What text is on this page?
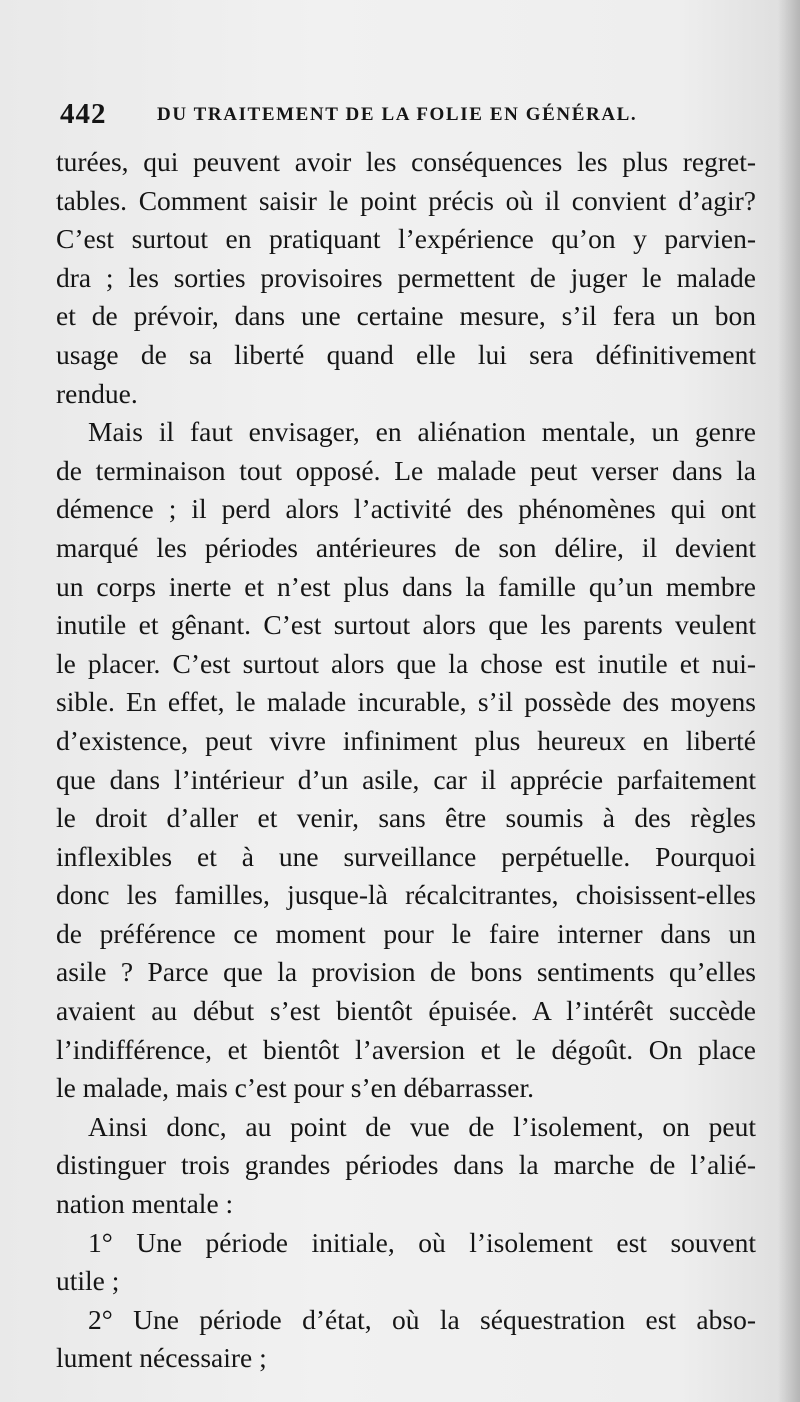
442	DU TRAITEMENT DE LA FOLIE EN GÉNÉRAL.
turées, qui peuvent avoir les conséquences les plus regret-
tables. Comment saisir le point précis où il convient d’agir?
C’est surtout en pratiquant l’expérience qu’on y parvien-
dra ; les sorties provisoires permettent de juger le malade
et de prévoir, dans une certaine mesure, s’il fera un bon
usage de sa liberté quand elle lui sera définitivement
rendue.
Mais il faut envisager, en aliénation mentale, un genre
de terminaison tout opposé. Le malade peut verser dans la
démence ; il perd alors l’activité des phénomènes qui ont
marqué les périodes antérieures de son délire, il devient
un corps inerte et n’est plus dans la famille qu’un membre
inutile et gênant. C’est surtout alors que les parents veulent
le placer. C’est surtout alors que la chose est inutile et nui-
sible. En effet, le malade incurable, s’il possède des moyens
d’existence, peut vivre infiniment plus heureux en liberté
que dans l’intérieur d’un asile, car il apprécie parfaitement
le droit d’aller et venir, sans être soumis à des règles
inflexibles et à une surveillance perpétuelle. Pourquoi
donc les familles, jusque-là récalcitrantes, choisissent-elles
de préférence ce moment pour le faire interner dans un
asile ? Parce que la provision de bons sentiments qu’elles
avaient au début s’est bientôt épuisée. A l’intérêt succède
l’indifférence, et bientôt l’aversion et le dégoût. On place
le malade, mais c’est pour s’en débarrasser.
Ainsi donc, au point de vue de l’isolement, on peut
distinguer trois grandes périodes dans la marche de l’alié-
nation mentale :
1° Une période initiale, où l’isolement est souvent
utile ;
2° Une période d’état, où la séquestration est abso-
lument nécessaire ;
